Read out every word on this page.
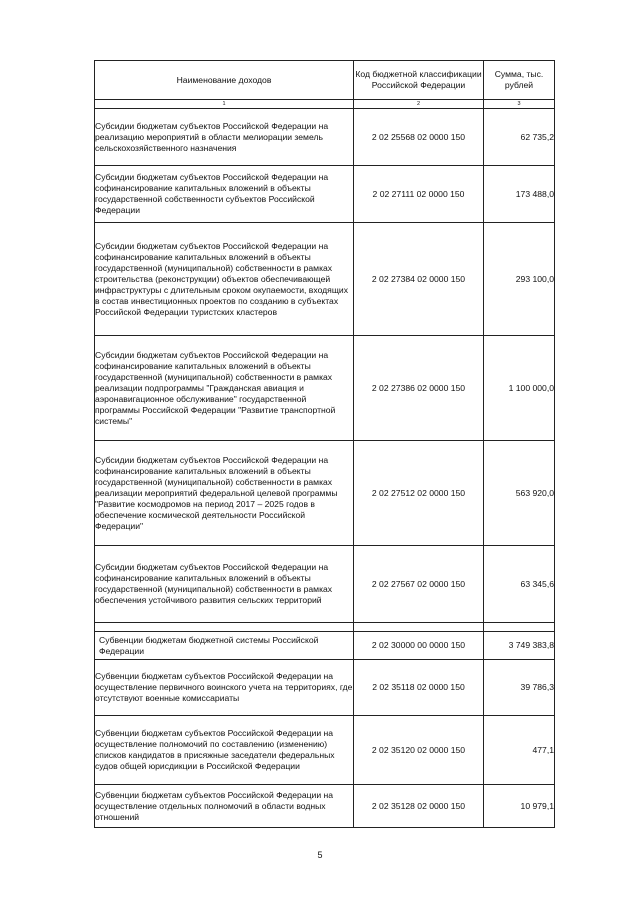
Наименование доходов	Код бюджетной классификации Российской Федерации	Сумма, тыс. рублей
1	2	3
Субсидии бюджетам субъектов Российской Федерации на реализацию мероприятий в области мелиорации земель сельскохозяйственного назначения	2 02 25568 02 0000 150	62 735,2
Субсидии бюджетам субъектов Российской Федерации на софинансирование капитальных вложений в объекты государственной собственности субъектов Российской Федерации	2 02 27111 02 0000 150	173 488,0
Субсидии бюджетам субъектов Российской Федерации на софинансирование капитальных вложений в объекты государственной (муниципальной) собственности в рамках строительства (реконструкции) объектов обеспечивающей инфраструктуры с длительным сроком окупаемости, входящих в состав инвестиционных проектов по созданию в субъектах Российской Федерации туристских кластеров	2 02 27384 02 0000 150	293 100,0
Субсидии бюджетам субъектов Российской Федерации на софинансирование капитальных вложений в объекты государственной (муниципальной) собственности в рамках реализации подпрограммы "Гражданская авиация и аэронавигационное обслуживание" государственной программы Российской Федерации "Развитие транспортной системы"	2 02 27386 02 0000 150	1 100 000,0
Субсидии бюджетам субъектов Российской Федерации на софинансирование капитальных вложений в объекты государственной (муниципальной) собственности в рамках реализации мероприятий федеральной целевой программы "Развитие космодромов на период 2017 – 2025 годов в обеспечение космической деятельности Российской Федерации"	2 02 27512 02 0000 150	563 920,0
Субсидии бюджетам субъектов Российской Федерации на софинансирование капитальных вложений в объекты государственной (муниципальной) собственности в рамках обеспечения устойчивого развития сельских территорий	2 02 27567 02 0000 150	63 345,6

Субвенции бюджетам бюджетной системы Российской Федерации	2 02 30000 00 0000 150	3 749 383,8
Субвенции бюджетам субъектов Российской Федерации на осуществление первичного воинского учета на территориях, где отсутствуют военные комиссариаты	2 02 35118 02 0000 150	39 786,3
Субвенции бюджетам субъектов Российской Федерации на осуществление полномочий по составлению (изменению) списков кандидатов в присяжные заседатели федеральных судов общей юрисдикции в Российской Федерации	2 02 35120 02 0000 150	477,1
Субвенции бюджетам субъектов Российской Федерации на осуществление отдельных полномочий в области водных отношений	2 02 35128 02 0000 150	10 979,1
5
